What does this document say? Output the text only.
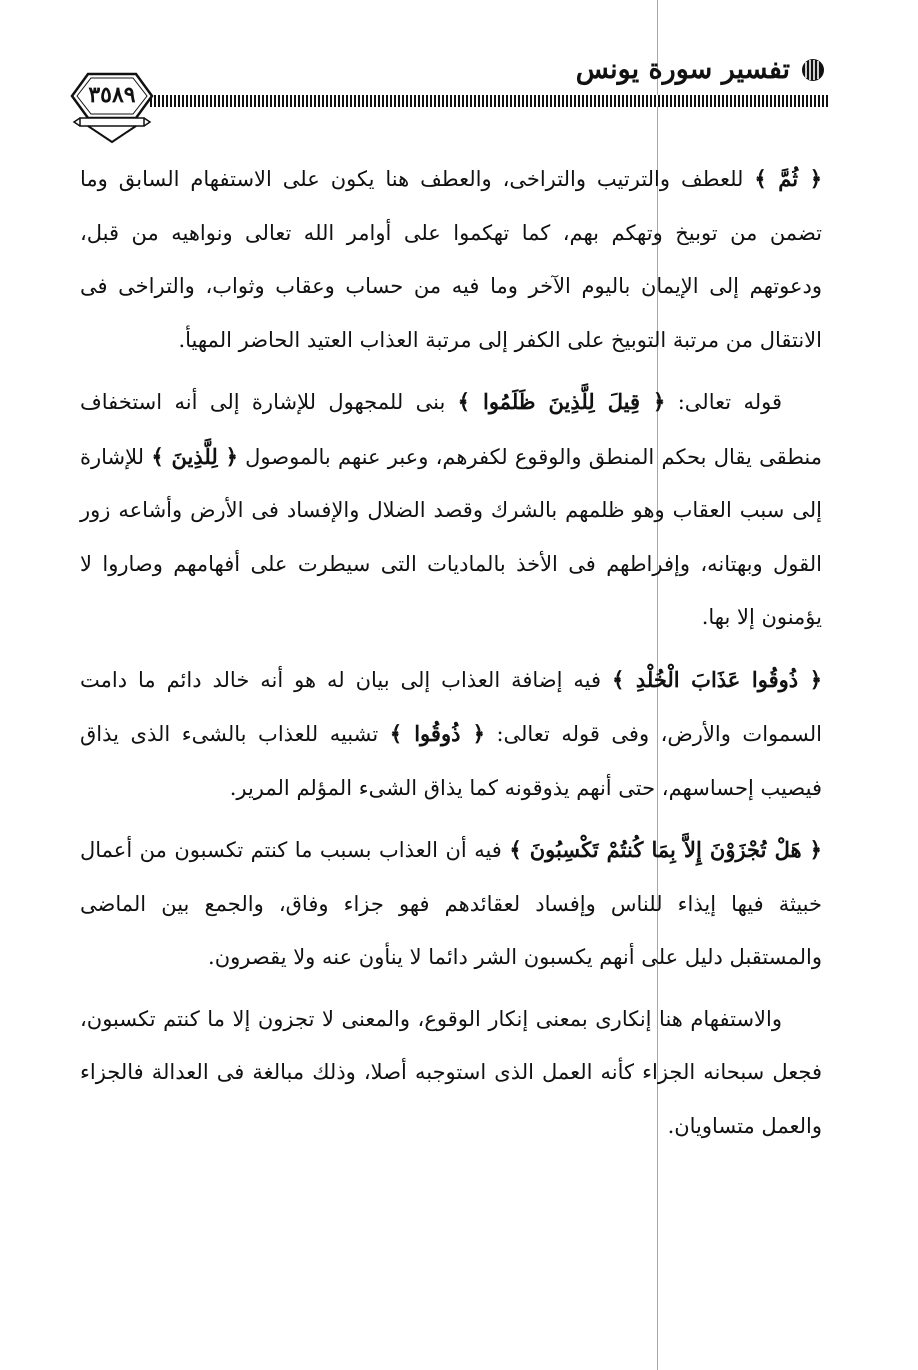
تفسير سورة يونس
٣٥٨٩

﴿ ثُمَّ ﴾ للعطف والترتيب والتراخى، والعطف هنا يكون على الاستفهام السابق وما تضمن من توبيخ وتهكم بهم، كما تهكموا على أوامر الله تعالى ونواهيه من قبل، ودعوتهم إلى الإيمان باليوم الآخر وما فيه من حساب وعقاب وثواب، والتراخى فى الانتقال من مرتبة التوبيخ على الكفر إلى مرتبة العذاب العتيد الحاضر المهيأ.

قوله تعالى: ﴿ قِيلَ لِلَّذِينَ ظَلَمُوا ﴾ بنى للمجهول للإشارة إلى أنه استخفاف منطقى يقال بحكم المنطق والوقوع لكفرهم، وعبر عنهم بالموصول ﴿ لِلَّذِينَ ﴾ للإشارة إلى سبب العقاب وهو ظلمهم بالشرك وقصد الضلال والإفساد فى الأرض وأشاعه زور القول وبهتانه، وإفراطهم فى الأخذ بالماديات التى سيطرت على أفهامهم وصاروا لا يؤمنون إلا بها.

﴿ ذُوقُوا عَذَابَ الْخُلْدِ ﴾ فيه إضافة العذاب إلى بيان له هو أنه خالد دائم ما دامت السموات والأرض، وفى قوله تعالى: ﴿ ذُوقُوا ﴾ تشبيه للعذاب بالشىء الذى يذاق فيصيب إحساسهم، حتى أنهم يذوقونه كما يذاق الشىء المؤلم المرير.

﴿ هَلْ تُجْزَوْنَ إِلاَّ بِمَا كُنتُمْ تَكْسِبُونَ ﴾ فيه أن العذاب بسبب ما كنتم تكسبون من أعمال خبيثة فيها إيذاء للناس وإفساد لعقائدهم فهو جزاء وفاق، والجمع بين الماضى والمستقبل دليل على أنهم يكسبون الشر دائما لا ينأون عنه ولا يقصرون.

والاستفهام هنا إنكارى بمعنى إنكار الوقوع، والمعنى لا تجزون إلا ما كنتم تكسبون، فجعل سبحانه الجزاء كأنه العمل الذى استوجبه أصلا، وذلك مبالغة فى العدالة فالجزاء والعمل متساويان.
